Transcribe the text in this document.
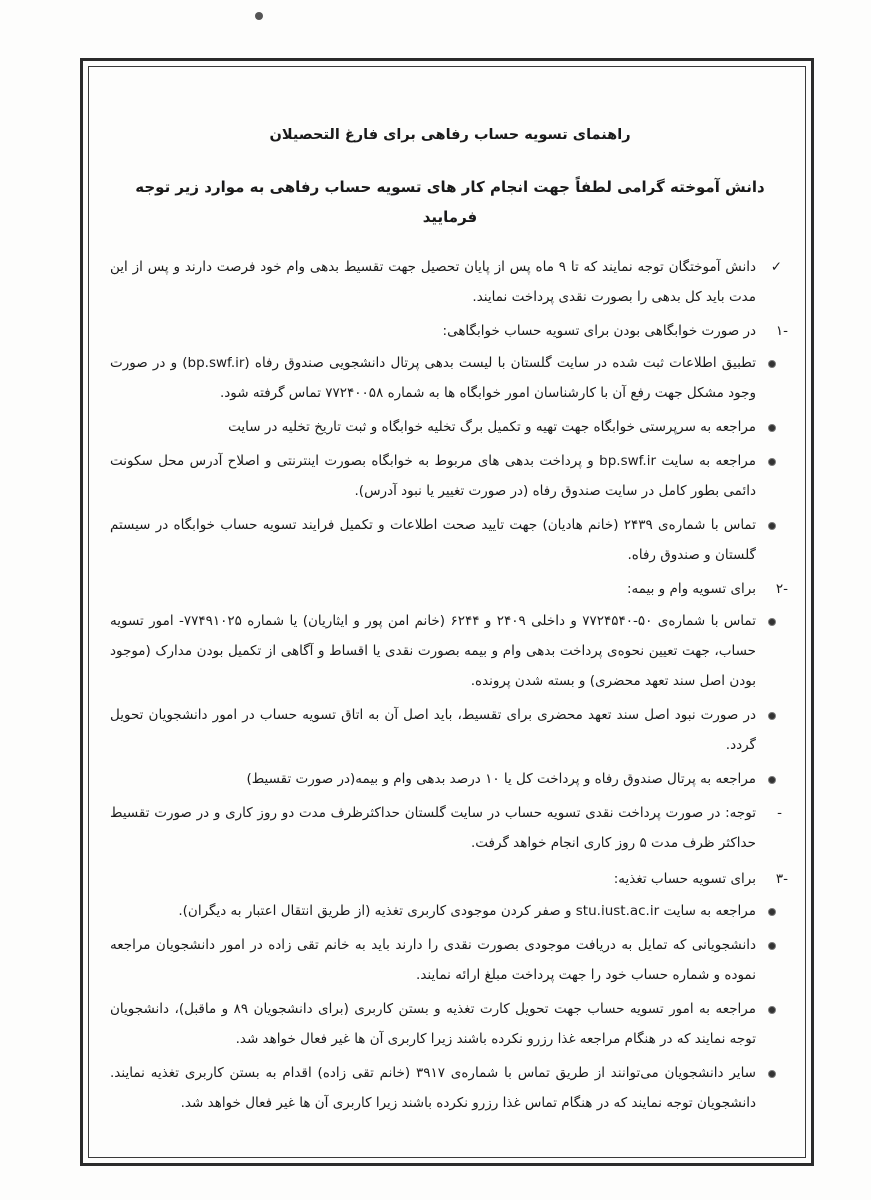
راهنمای تسویه حساب رفاهی برای فارغ التحصیلان
دانش آموخته گرامی لطفاً جهت انجام کار های تسویه حساب رفاهی به موارد زیر توجه فرمایید
✓
دانش آموختگان توجه نمایند که تا ۹ ماه پس از پایان تحصیل جهت تقسیط بدهی وام خود فرصت دارند و پس از این مدت باید کل بدهی را بصورت نقدی پرداخت نمایند.
-۱
در صورت خوابگاهی بودن برای تسویه حساب خوابگاهی:
تطبیق اطلاعات ثبت شده در سایت گلستان با لیست بدهی پرتال دانشجویی صندوق رفاه (bp.swf.ir) و در صورت وجود مشکل جهت رفع آن با کارشناسان امور خوابگاه ها به شماره ۷۷۲۴۰۰۵۸ تماس گرفته شود.
مراجعه به سرپرستی خوابگاه جهت تهیه و تکمیل برگ تخلیه خوابگاه و ثبت تاریخ تخلیه در سایت
مراجعه به سایت bp.swf.ir و پرداخت بدهی های مربوط به خوابگاه بصورت اینترنتی و اصلاح آدرس محل سکونت دائمی بطور کامل در سایت صندوق رفاه (در صورت تغییر یا نبود آدرس).
تماس با شماره‌ی ۲۴۳۹ (خانم هادیان) جهت تایید صحت اطلاعات و تکمیل فرایند تسویه حساب خوابگاه در سیستم گلستان و صندوق رفاه.
-۲
برای تسویه وام و بیمه:
تماس با شماره‌ی ۵۰-۷۷۲۴۵۴۰ و داخلی ۲۴۰۹ و ۶۲۴۴ (خانم امن پور و ایثاریان) یا شماره ۷۷۴۹۱۰۲۵- امور تسویه حساب، جهت تعیین نحوه‌ی پرداخت بدهی وام و بیمه بصورت نقدی یا اقساط و آگاهی از تکمیل بودن مدارک (موجود بودن اصل سند تعهد محضری) و بسته شدن پرونده.
در صورت نبود اصل سند تعهد محضری برای تقسیط، باید اصل آن به اتاق تسویه حساب در امور دانشجویان تحویل گردد.
مراجعه به پرتال صندوق رفاه و پرداخت کل یا ۱۰ درصد بدهی وام و بیمه(در صورت تقسیط)
-
توجه: در صورت پرداخت نقدی تسویه حساب در سایت گلستان حداکثرظرف مدت دو روز کاری و در صورت تقسیط حداکثر ظرف مدت ۵ روز کاری انجام خواهد گرفت.
-۳
برای تسویه حساب تغذیه:
مراجعه به سایت stu.iust.ac.ir و صفر کردن موجودی کاربری تغذیه (از طریق انتقال اعتبار به دیگران).
دانشجویانی که تمایل به دریافت موجودی بصورت نقدی را دارند باید به خانم تقی زاده در امور دانشجویان مراجعه نموده و شماره حساب خود را جهت پرداخت مبلغ ارائه نمایند.
مراجعه به امور تسویه حساب جهت تحویل کارت تغذیه و بستن کاربری (برای دانشجویان ۸۹ و ماقبل)، دانشجویان توجه نمایند که در هنگام مراجعه غذا رزرو نکرده باشند زیرا کاربری آن ها غیر فعال خواهد شد.
سایر دانشجویان می‌توانند از طریق تماس با شماره‌ی ۳۹۱۷ (خانم تقی زاده) اقدام به بستن کاربری تغذیه نمایند. دانشجویان توجه نمایند که در هنگام تماس غذا رزرو نکرده باشند زیرا کاربری آن ها غیر فعال خواهد شد.
